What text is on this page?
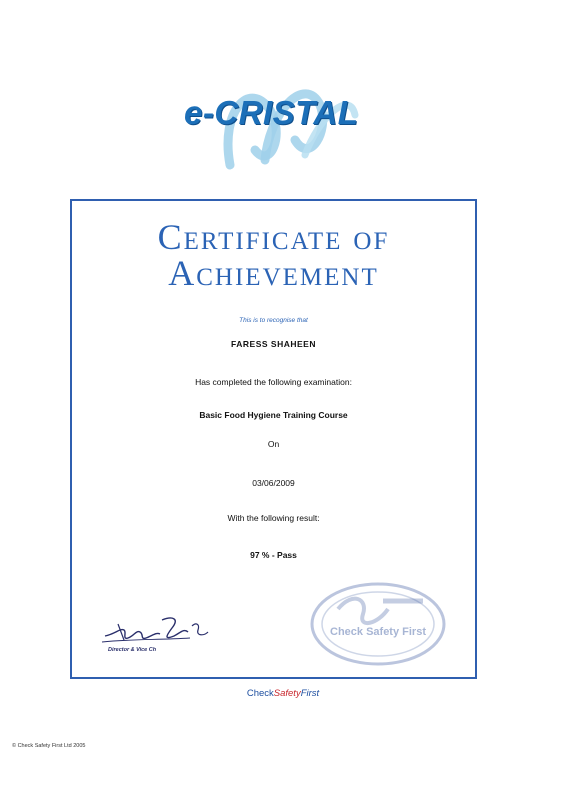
e-CRISTAL
Certificate of
Achievement
This is to recognise that
FARESS SHAHEEN
Has completed the following examination:
Basic Food Hygiene Training Course
On
03/06/2009
With the following result:
97 % - Pass
Director & Vice Ch
Check Safety First
CheckSafetyFirst
© Check Safety First Ltd 2005
